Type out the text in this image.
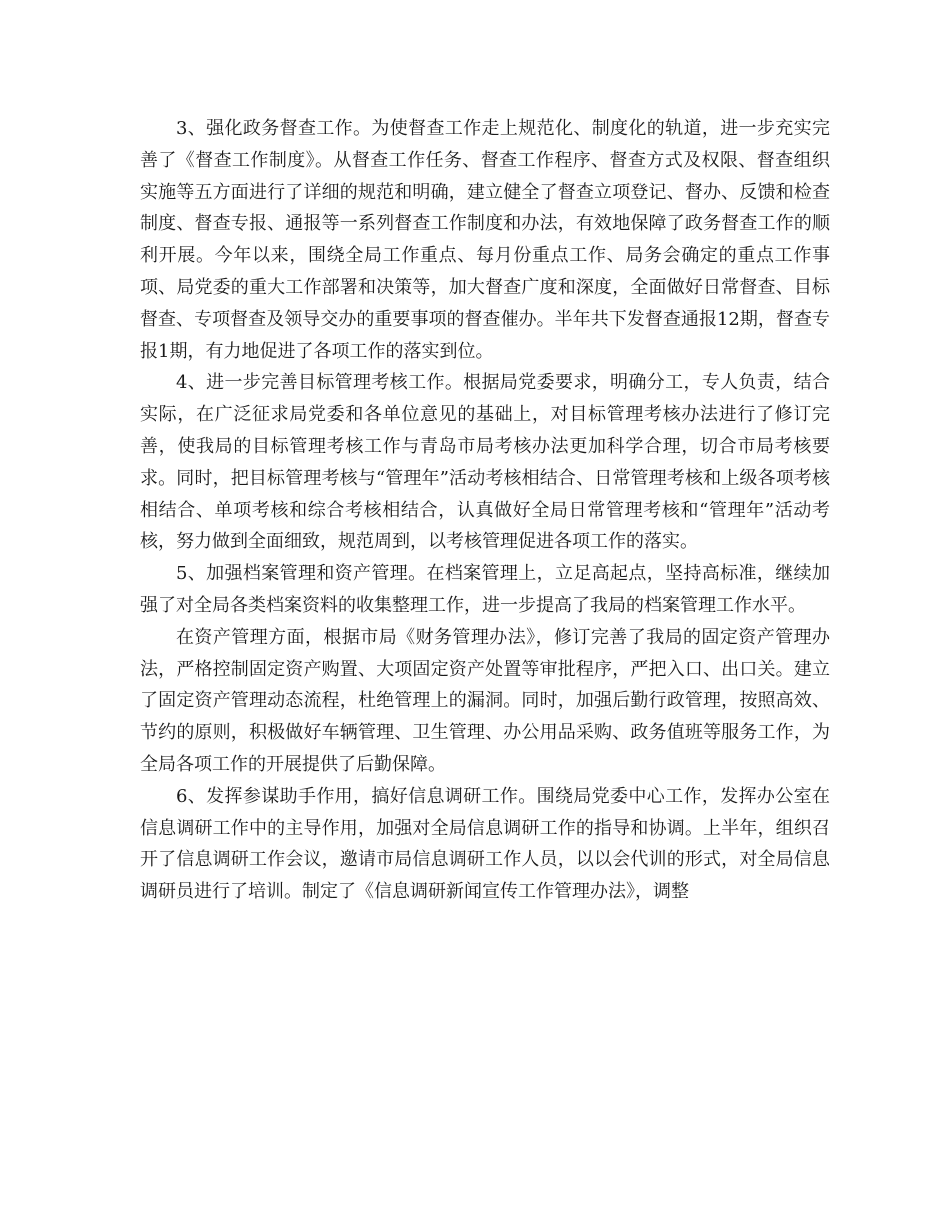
3、强化政务督查工作。为使督查工作走上规范化、制度化的轨道，进一步充实完善了《督查工作制度》。从督查工作任务、督查工作程序、督查方式及权限、督查组织实施等五方面进行了详细的规范和明确，建立健全了督查立项登记、督办、反馈和检查制度、督查专报、通报等一系列督查工作制度和办法，有效地保障了政务督查工作的顺利开展。今年以来，围绕全局工作重点、每月份重点工作、局务会确定的重点工作事项、局党委的重大工作部署和决策等，加大督查广度和深度，全面做好日常督查、目标督查、专项督查及领导交办的重要事项的督查催办。半年共下发督查通报12期，督查专报1期，有力地促进了各项工作的落实到位。

4、进一步完善目标管理考核工作。根据局党委要求，明确分工，专人负责，结合实际，在广泛征求局党委和各单位意见的基础上，对目标管理考核办法进行了修订完善，使我局的目标管理考核工作与青岛市局考核办法更加科学合理，切合市局考核要求。同时，把目标管理考核与“管理年”活动考核相结合、日常管理考核和上级各项考核相结合、单项考核和综合考核相结合，认真做好全局日常管理考核和“管理年”活动考核，努力做到全面细致，规范周到，以考核管理促进各项工作的落实。

5、加强档案管理和资产管理。在档案管理上，立足高起点，坚持高标准，继续加强了对全局各类档案资料的收集整理工作，进一步提高了我局的档案管理工作水平。

在资产管理方面，根据市局《财务管理办法》，修订完善了我局的固定资产管理办法，严格控制固定资产购置、大项固定资产处置等审批程序，严把入口、出口关。建立了固定资产管理动态流程，杜绝管理上的漏洞。同时，加强后勤行政管理，按照高效、节约的原则，积极做好车辆管理、卫生管理、办公用品采购、政务值班等服务工作，为全局各项工作的开展提供了后勤保障。

6、发挥参谋助手作用，搞好信息调研工作。围绕局党委中心工作，发挥办公室在信息调研工作中的主导作用，加强对全局信息调研工作的指导和协调。上半年，组织召开了信息调研工作会议，邀请市局信息调研工作人员，以以会代训的形式，对全局信息调研员进行了培训。制定了《信息调研新闻宣传工作管理办法》，调整
